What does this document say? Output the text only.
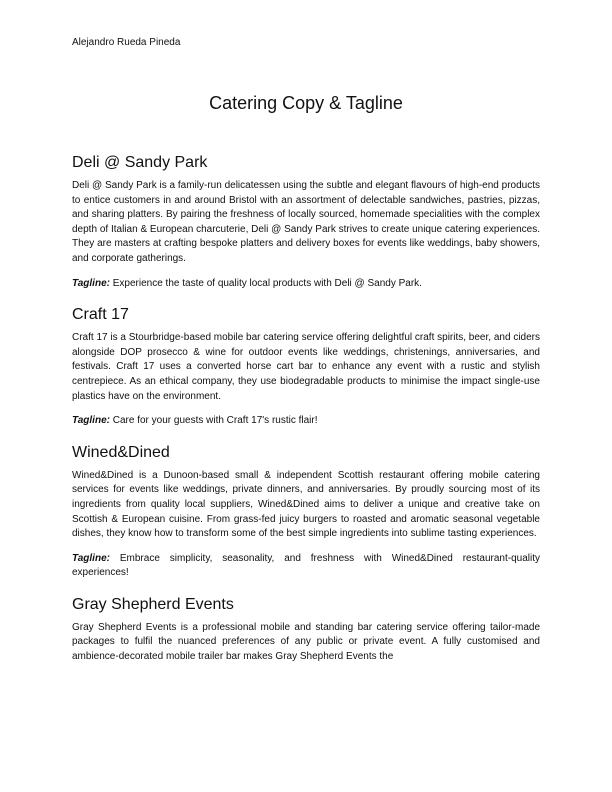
Alejandro Rueda Pineda
Catering Copy & Tagline
Deli @ Sandy Park

Deli @ Sandy Park is a family-run delicatessen using the subtle and elegant flavours of high-end products to entice customers in and around Bristol with an assortment of delectable sandwiches, pastries, pizzas, and sharing platters. By pairing the freshness of locally sourced, homemade specialities with the complex depth of Italian & European charcuterie, Deli @ Sandy Park strives to create unique catering experiences. They are masters at crafting bespoke platters and delivery boxes for events like weddings, baby showers, and corporate gatherings.

Tagline: Experience the taste of quality local products with Deli @ Sandy Park.

Craft 17

Craft 17 is a Stourbridge-based mobile bar catering service offering delightful craft spirits, beer, and ciders alongside DOP prosecco & wine for outdoor events like weddings, christenings, anniversaries, and festivals. Craft 17 uses a converted horse cart bar to enhance any event with a rustic and stylish centrepiece. As an ethical company, they use biodegradable products to minimise the impact single-use plastics have on the environment.

Tagline: Care for your guests with Craft 17's rustic flair!

Wined&Dined

Wined&Dined is a Dunoon-based small & independent Scottish restaurant offering mobile catering services for events like weddings, private dinners, and anniversaries. By proudly sourcing most of its ingredients from quality local suppliers, Wined&Dined aims to deliver a unique and creative take on Scottish & European cuisine. From grass-fed juicy burgers to roasted and aromatic seasonal vegetable dishes, they know how to transform some of the best simple ingredients into sublime tasting experiences.

Tagline: Embrace simplicity, seasonality, and freshness with Wined&Dined restaurant-quality experiences!

Gray Shepherd Events

Gray Shepherd Events is a professional mobile and standing bar catering service offering tailor-made packages to fulfil the nuanced preferences of any public or private event. A fully customised and ambience-decorated mobile trailer bar makes Gray Shepherd Events the
